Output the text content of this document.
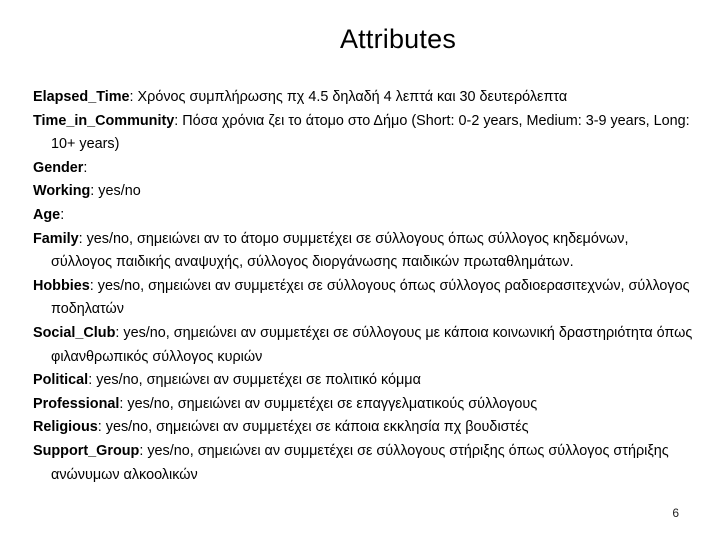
Attributes
Elapsed_Time: Χρόνος συμπλήρωσης πχ 4.5 δηλαδή 4 λεπτά και 30 δευτερόλεπτα
Time_in_Community: Πόσα χρόνια ζει το άτομο στο Δήμο (Short: 0-2 years, Medium: 3-9 years, Long: 10+ years)
Gender:
Working: yes/no
Age:
Family: yes/no, σημειώνει αν το άτομο συμμετέχει σε σύλλογους όπως σύλλογος κηδεμόνων, σύλλογος παιδικής αναψυχής, σύλλογος διοργάνωσης παιδικών πρωταθλημάτων.
Hobbies: yes/no, σημειώνει αν συμμετέχει σε σύλλογους όπως σύλλογος ραδιοερασιτεχνών, σύλλογος ποδηλατών
Social_Club: yes/no, σημειώνει αν συμμετέχει σε σύλλογους με κάποια κοινωνική δραστηριότητα όπως φιλανθρωπικός σύλλογος κυριών
Political: yes/no, σημειώνει αν συμμετέχει σε πολιτικό κόμμα
Professional: yes/no, σημειώνει αν συμμετέχει σε επαγγελματικούς σύλλογους
Religious: yes/no, σημειώνει αν συμμετέχει σε κάποια εκκλησία πχ βουδιστές
Support_Group: yes/no, σημειώνει αν συμμετέχει σε σύλλογους στήριξης όπως σύλλογος στήριξης ανώνυμων αλκοολικών
6
